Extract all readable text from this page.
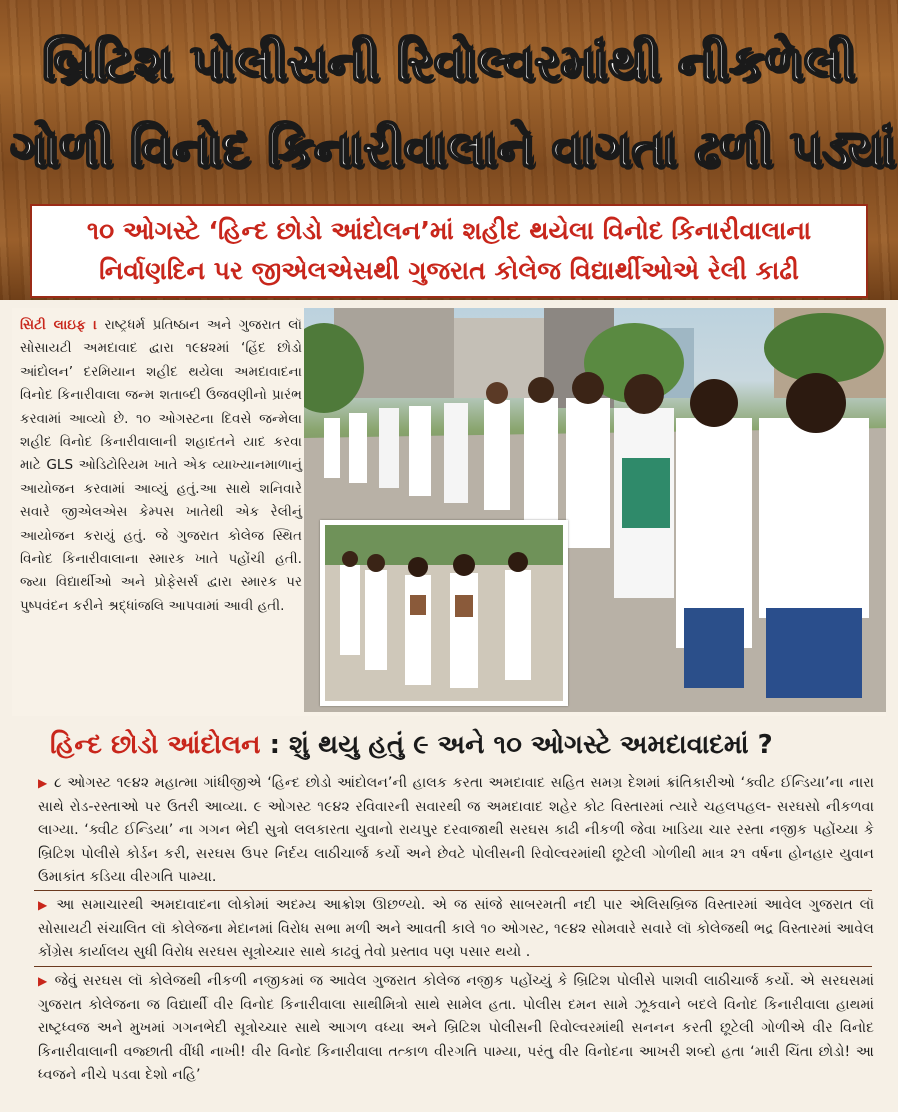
બ્રિટિશ પોલીસની રિવોલ્વરમાંથી નીકળેલી
ગોળી વિનોદ કિનારીવાલાને વાગતા ઢળી પડ્યાં
૧૦ ઓગસ્ટે ‘હિન્દ છોડો આંદોલન’માં શહીદ થયેલા વિનોદ કિનારીવાલાના
નિર્વાણદિન પર જીએલએસથી ગુજરાત કોલેજ વિદ્યાર્થીઓએ રેલી કાઢી
સિટી લાઇફ । રાષ્ટ્રધર્મ પ્રતિષ્ઠાન અને ગુજરાત લૉ સોસાયટી અમદાવાદ દ્વારા ૧૯૪૨માં ‘હિંદ છોડો આંદોલન’ દરમિયાન શહીદ થયેલા અમદાવાદના વિનોદ કિનારીવાલા જન્મ શતાબ્દી ઉજવણીનો પ્રારંભ કરવામાં આવ્યો છે. ૧૦ ઓગસ્ટના દિવસે જન્મેલા શહીદ વિનોદ કિનારીવાલાની શહાદતને યાદ કરવા માટે GLS ઓડિટોરિયમ ખાતે એક વ્યાખ્યાનમાળાનું આયોજન કરવામાં આવ્યું હતું.આ સાથે શનિવારે સવારે જીએલએસ કેમ્પસ ખાતેથી એક રેલીનું આયોજન કરાયું હતું. જે ગુજરાત કોલેજ સ્થિત વિનોદ કિનારીવાલાના સ્મારક ખાતે પહોંચી હતી. જ્યા વિદ્યાર્થીઓ અને પ્રોફેસર્સ દ્વારા સ્મારક પર પુષ્પવંદન કરીને શ્રદ્ધાંજલિ આપવામાં આવી હતી.
હિન્દ છોડો આંદોલન : શું થયુ હતું ૯ અને ૧૦ ઓગસ્ટે અમદાવાદમાં ?
▶ ૮ ઓગસ્ટ ૧૯૪૨ મહાત્મા ગાંધીજીએ ‘હિન્દ છોડો આંદોલન’ની હાલક કરતા અમદાવાદ સહિત સમગ્ર દેશમાં ક્રાંતિકારીઓ ‘ક્વીટ ઈન્ડિયા’ના નારા સાથે રોડ-રસ્તાઓ પર ઉતરી આવ્યા. ૯ ઓગસ્ટ ૧૯૪૨ રવિવારની સવારથી જ અમદાવાદ શહેર કોટ વિસ્તારમાં ત્યારે ચહલપહલ- સરઘસો નીકળવા લાગ્યા. ‘ક્વીટ ઈન્ડિયા’ ના ગગન ભેદી સુત્રો લલકારતા યુવાનો રાયપુર દરવાજાથી સરઘસ કાઢી નીકળી જેવા ખાડિયા ચાર રસ્તા નજીક પહોંચ્યા કે બ્રિટિશ પોલીસે કોર્ડન કરી, સરઘસ ઉપર નિર્દય લાઠીચાર્જ કર્યો અને છેવટે પોલીસની રિવોલ્વરમાંથી છૂટેલી ગોળીથી માત્ર ૨૧ વર્ષના હોનહાર યુવાન ઉમાકાંત કડિયા વીરગતિ પામ્યા.
▶ આ સમાચારથી અમદાવાદના લોકોમાં અદમ્ય આક્રોશ ઊછળ્યો. એ જ સાંજે સાબરમતી નદી પાર એલિસબ્રિજ વિસ્તારમાં આવેલ ગુજરાત લૉ સોસાયટી સંચાલિત લૉ કોલેજના મેદાનમાં વિરોધ સભા મળી અને આવતી કાલે ૧૦ ઓગસ્ટ, ૧૯૪૨ સોમવારે સવારે લૉ કોલેજથી ભદ્ર વિસ્તારમાં આવેલ કોંગ્રેસ કાર્યાલય સુધી વિરોધ સરઘસ સૂત્રોચ્ચાર સાથે કાઢવું તેવો પ્રસ્તાવ પણ પસાર થયો .
▶ જેવું સરઘસ લૉ કોલેજથી નીકળી નજીકમાં જ આવેલ ગુજરાત કોલેજ નજીક પહોંચ્યું કે બ્રિટિશ પોલીસે પાશવી લાઠીચાર્જ કર્યો. એ સરઘસમાં ગુજરાત કોલેજના જ વિદ્યાર્થી વીર વિનોદ કિનારીવાલા સાથીમિત્રો સાથે સામેલ હતા. પોલીસ દમન સામે ઝૂકવાને બદલે વિનોદ કિનારીવાલા હાથમાં રાષ્ટ્રધ્વજ અને મુખમાં ગગનભેદી સૂત્રોચ્ચાર સાથે આગળ વધ્યા અને બ્રિટિશ પોલીસની રિવોલ્વરમાંથી સનનન કરતી છૂટેલી ગોળીએ વીર વિનોદ કિનારીવાલાની વજ્છાતી વીંધી નાખી! વીર વિનોદ કિનારીવાલા તત્કાળ વીરગતિ પામ્યા, પરંતુ વીર વિનોદના આખરી શબ્દો હતા ‘મારી ચિંતા છોડો! આ ધ્વજને નીચે પડવા દેશો નહિ’
